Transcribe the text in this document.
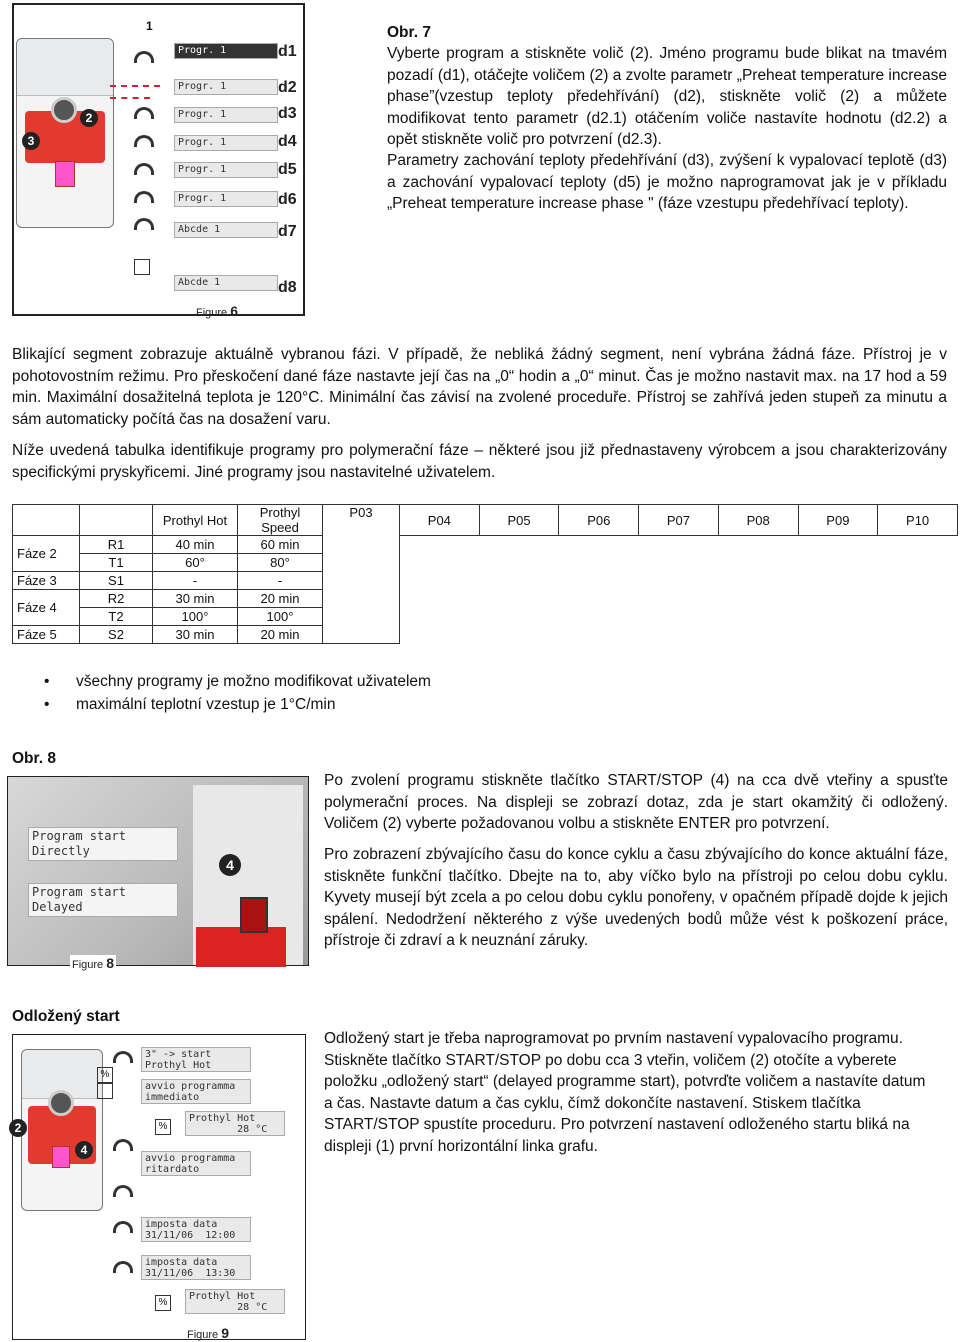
3
2
1
Progr. 1
Progr. 1
Progr. 1
Progr. 1
Progr. 1
Progr. 1
Abcde 1
Abcde 1
d1
d2
d3
d4
d5
d6
d7
d8
Figure 6
Obr. 7

Vyberte program a stiskněte volič (2). Jméno programu bude blikat na tmavém pozadí (d1), otáčejte voličem (2) a zvolte parametr „Preheat temperature increase phase”(vzestup teploty předehřívání) (d2), stiskněte volič (2) a můžete modifikovat tento parametr (d2.1) otáčením voliče nastavíte hodnotu (d2.2) a opět stiskněte volič pro potvrzení (d2.3).

Parametry zachování teploty předehřívání (d3), zvýšení k vypalovací teplotě (d3) a zachování vypalovací teploty (d5) je možno naprogramovat jak je v příkladu „Preheat temperature increase phase " (fáze vzestupu předehřívací teploty).

Blikající segment zobrazuje aktuálně vybranou fázi. V případě, že nebliká žádný segment, není vybrána žádná fáze. Přístroj je v pohotovostním režimu. Pro přeskočení dané fáze nastavte její čas na „0“ hodin a „0“ minut. Čas je možno nastavit max. na 17 hod a 59 min. Maximální dosažitelná teplota je 120°C. Minimální čas závisí na zvolené proceduře. Přístroj se zahřívá jeden stupeň za minutu a sám automaticky počítá čas na dosažení varu.

Níže uvedená tabulka identifikuje programy pro polymerační fáze – některé jsou již přednastaveny výrobcem a jsou charakterizovány specifickými pryskyřicemi. Jiné programy jsou nastavitelné uživatelem.

		Prothyl Hot	Prothyl Speed	P03	P04	P05	P06	P07	P08	P09	P10

Fáze 2	R1	40 min	60 min								
	T1	60°	80°								
Fáze 3	S1	-	-								
Fáze 4	R2	30 min	20 min								
	T2	100°	100°								
Fáze 5	S2	30 min	20 min								
• všechny programy je možno modifikovat uživatelem
• maximální teplotní vzestup je 1°C/min
Obr. 8
4
Program start
Directly
Program start
Delayed
Figure 8

Po zvolení programu stiskněte tlačítko START/STOP (4) na cca dvě vteřiny a spusťte polymerační proces. Na displeji se zobrazí dotaz, zda je start okamžitý či odložený. Voličem (2) vyberte požadovanou volbu a stiskněte ENTER pro potvrzení.

Pro zobrazení zbývajícího času do konce cyklu a času zbývajícího do konce aktuální fáze, stiskněte funkční tlačítko. Dbejte na to, aby víčko bylo na přístroji po celou dobu cyklu. Kyvety musejí být zcela a po celou dobu cyklu ponořeny, v opačném případě dojde k jejich spálení. Nedodržení některého z výše uvedených bodů může vést k poškození práce, přístroje či zdraví a k neuznání záruky.

Odložený start
2
4
3" -> start
Prothyl Hot
avvio programma
immediato
Prothyl Hot
28 °C
avvio programma
ritardato
imposta data
31/11/06  12:00
imposta data
31/11/06  13:30
Prothyl Hot
28 °C
%
%
%
Figure 9

Odložený start je třeba naprogramovat po prvním nastavení vypalovacího programu. Stiskněte tlačítko START/STOP po dobu cca 3 vteřin, voličem (2) otočíte a vyberete položku „odložený start“ (delayed programme start), potvrďte voličem a nastavíte datum a čas. Nastavte datum a čas cyklu, čímž dokončíte nastavení. Stiskem tlačítka START/STOP spustíte proceduru. Pro potvrzení nastavení odloženého startu bliká na displeji (1) první horizontální linka grafu.
